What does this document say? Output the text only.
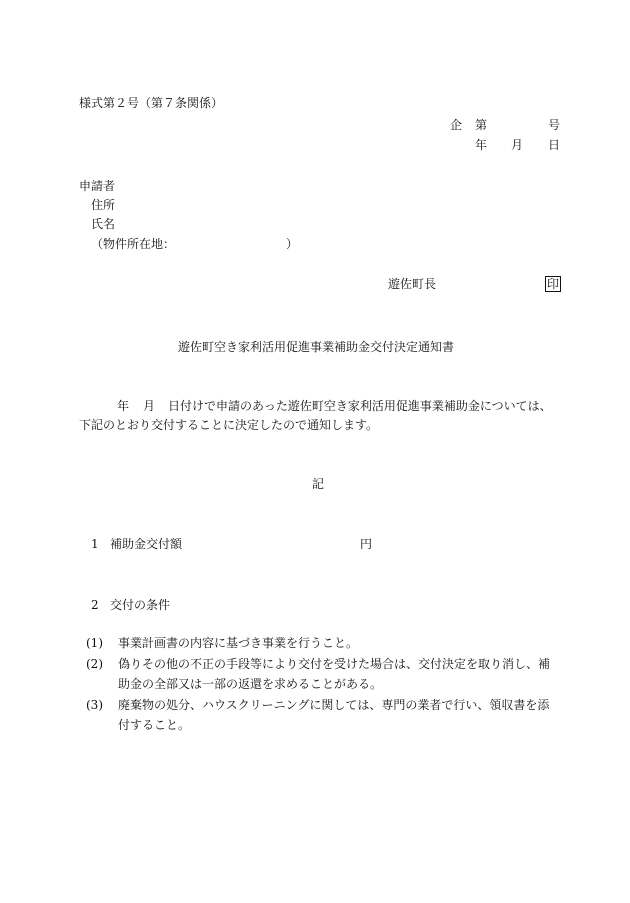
様式第２号（第７条関係）
企 第	号
年 月 日
申請者
住所
氏名
（物件所在地：	）
遊佐町長	印
遊佐町空き家利活用促進事業補助金交付決定通知書
年 月 日付けで申請のあった遊佐町空き家利活用促進事業補助金については、
下記のとおり交付することに決定したので通知します。
記
1 補助金交付額	円
2 交付の条件
(1) 事業計画書の内容に基づき事業を行うこと。
(2) 偽りその他の不正の手段等により交付を受けた場合は、交付決定を取り消し、補
助金の全部又は一部の返還を求めることがある。
(3) 廃棄物の処分、ハウスクリーニングに関しては、専門の業者で行い、領収書を添
付すること。
